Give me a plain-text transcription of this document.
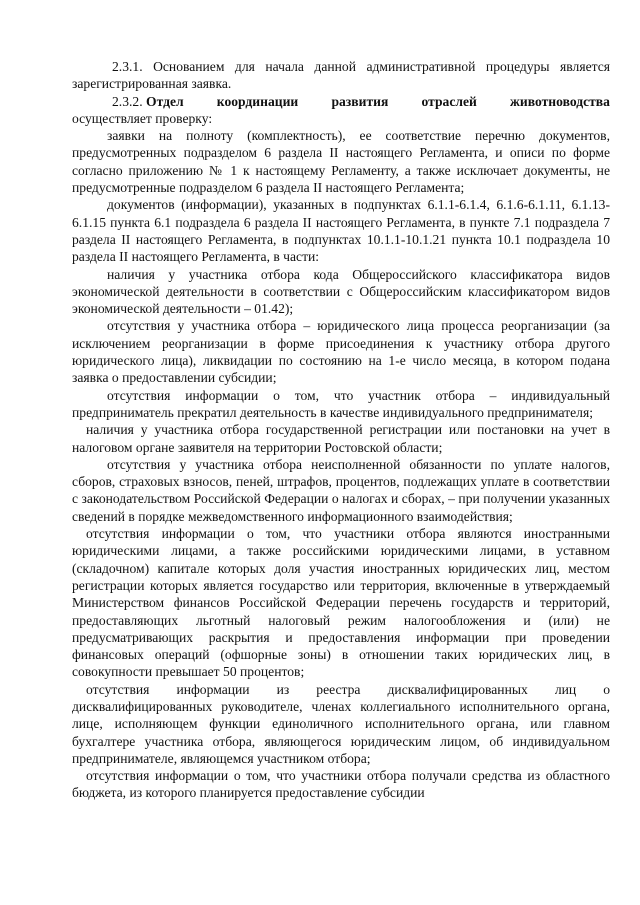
2.3.1. Основанием для начала данной административной процедуры является зарегистрированная заявка.

2.3.2. Отдел координации развития отраслей животноводства

осуществляет проверку:

заявки на полноту (комплектность), ее соответствие перечню документов, предусмотренных подразделом 6 раздела II настоящего Регламента, и описи по форме согласно приложению № 1 к настоящему Регламенту, а также исключает документы, не предусмотренные подразделом 6 раздела II настоящего Регламента;

документов (информации), указанных в подпунктах 6.1.1-6.1.4, 6.1.6-6.1.11, 6.1.13-6.1.15 пункта 6.1 подраздела 6 раздела II настоящего Регламента, в пункте 7.1 подраздела 7 раздела II настоящего Регламента, в подпунктах 10.1.1-10.1.21 пункта 10.1 подраздела 10 раздела II настоящего Регламента, в части:

наличия у участника отбора кода Общероссийского классификатора видов экономической деятельности в соответствии с Общероссийским классификатором видов экономической деятельности – 01.42);

отсутствия у участника отбора – юридического лица процесса реорганизации (за исключением реорганизации в форме присоединения к участнику отбора другого юридического лица), ликвидации по состоянию на 1-е число месяца, в котором подана заявка о предоставлении субсидии;

отсутствия информации о том, что участник отбора – индивидуальный предприниматель прекратил деятельность в качестве индивидуального предпринимателя;

наличия у участника отбора государственной регистрации или постановки на учет в налоговом органе заявителя на территории Ростовской области;

отсутствия у участника отбора неисполненной обязанности по уплате налогов, сборов, страховых взносов, пеней, штрафов, процентов, подлежащих уплате в соответствии с законодательством Российской Федерации о налогах и сборах, – при получении указанных сведений в порядке межведомственного информационного взаимодействия;

отсутствия информации о том, что участники отбора являются иностранными юридическими лицами, а также российскими юридическими лицами, в уставном (складочном) капитале которых доля участия иностранных юридических лиц, местом регистрации которых является государство или территория, включенные в утверждаемый Министерством финансов Российской Федерации перечень государств и территорий, предоставляющих льготный налоговый режим налогообложения и (или) не предусматривающих раскрытия и предоставления информации при проведении финансовых операций (офшорные зоны) в отношении таких юридических лиц, в совокупности превышает 50 процентов;

отсутствия информации из реестра дисквалифицированных лиц о дисквалифицированных руководителе, членах коллегиального исполнительного органа, лице, исполняющем функции единоличного исполнительного органа, или главном бухгалтере участника отбора, являющегося юридическим лицом, об индивидуальном предпринимателе, являющемся участником отбора;

отсутствия информации о том, что участники отбора получали средства из областного бюджета, из которого планируется предоставление субсидии
